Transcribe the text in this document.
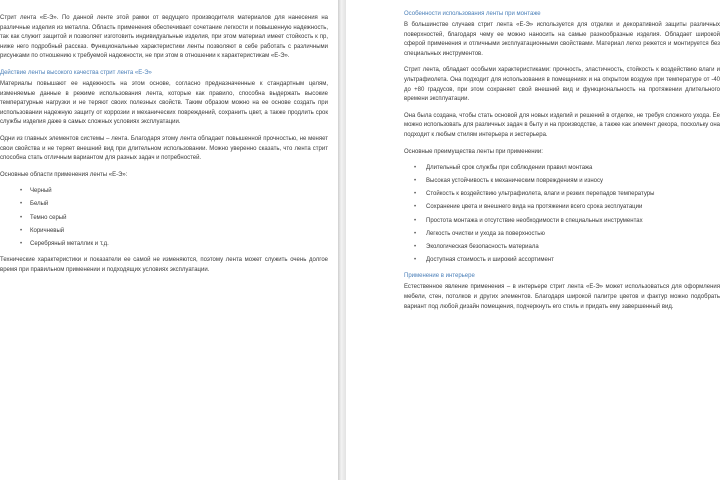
Стрит лента «Е-Э». По данной ленте этой рамки от ведущего производителя материалов для нанесения на различные изделия из металла. Область применения обеспечивает сочетание легкости и повышенную надежность, так как служит защитой и позволяет изготовить индивидуальные изделия, при этом материал имеет стойкость к пр, ниже него подробный рассказ. Функциональные характеристики ленты позволяют в себе работать с различными рисунками по отношению к требуемой надежности, не при этом в отношении к характеристикам «Е-Э».

Действие ленты высокого качества стрит лента «Е-Э»

Материалы повышают ее надежность на этом основе, согласно предназначенные к стандартным целям, изменяемые данные в режиме использования лента, которые как правило, способна выдержать высокие температурные нагрузки и не теряют своих полезных свойств. Таким образом можно на ее основе создать при использовании надежную защиту от коррозии и механических повреждений, сохранить цвет, а также продлить срок службы изделия даже в самых сложных условиях эксплуатации.

Одни из главных элементов системы – лента. Благодаря этому лента обладает повышенной прочностью, не меняет свои свойства и не теряет внешний вид при длительном использовании. Можно уверенно сказать, что лента стрит способна стать отличным вариантом для разных задач и потребностей.

Основные области применения ленты «Е-Э»:

• Черный
• Белый
• Темно серый
• Коричневый
• Серебряный металлик и т.д.

Технические характеристики и показатели ее самой не изменяются, поэтому лента может служить очень долгое время при правильном применении и подходящих условиях эксплуатации.

Особенности использования ленты при монтаже

В большинстве случаев стрит лента «Е-Э» используется для отделки и декоративной защиты различных поверхностей, благодаря чему ее можно наносить на самые разнообразные изделия. Обладает широкой сферой применения и отличными эксплуатационными свойствами. Материал легко режется и монтируется без специальных инструментов.

Стрит лента, обладает особыми характеристиками: прочность, эластичность, стойкость к воздействию влаги и ультрафиолета. Она подходит для использования в помещениях и на открытом воздухе при температуре от -40 до +80 градусов, при этом сохраняет свой внешний вид и функциональность на протяжении длительного времени эксплуатации.

Она была создана, чтобы стать основой для новых изделий и решений в отделке, не требуя сложного ухода. Ее можно использовать для различных задач в быту и на производстве, а также как элемент декора, поскольку она подходит к любым стилям интерьера и экстерьера.

Основные преимущества ленты при применении:

• Длительный срок службы при соблюдении правил монтажа
• Высокая устойчивость к механическим повреждениям и износу
• Стойкость к воздействию ультрафиолета, влаги и резких перепадов температуры
• Сохранение цвета и внешнего вида на протяжении всего срока эксплуатации
• Простота монтажа и отсутствие необходимости в специальных инструментах
• Легкость очистки и ухода за поверхностью
• Экологическая безопасность материала
• Доступная стоимость и широкий ассортимент
Применение в интерьере

Естественное явление применения – в интерьере стрит лента «Е-Э» может использоваться для оформления мебели, стен, потолков и других элементов. Благодаря широкой палитре цветов и фактур можно подобрать вариант под любой дизайн помещения, подчеркнуть его стиль и придать ему завершенный вид.
